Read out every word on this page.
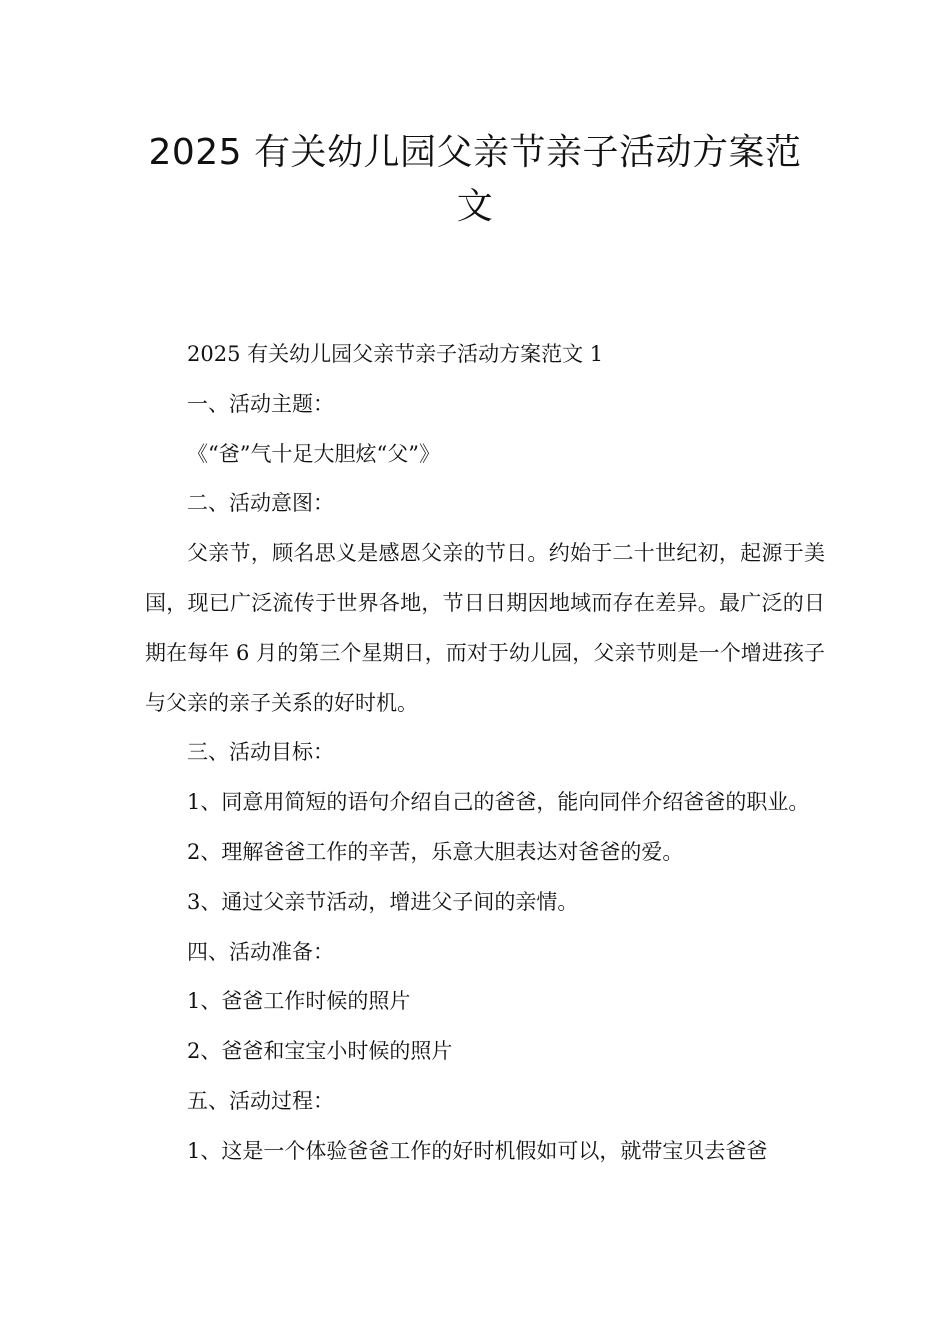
2025 有关幼儿园父亲节亲子活动方案范
文

2025 有关幼儿园父亲节亲子活动方案范文 1

一、活动主题：

《“爸”气十足大胆炫“父”》

二、活动意图：

父亲节，顾名思义是感恩父亲的节日。约始于二十世纪初，起源于美国，现已广泛流传于世界各地，节日日期因地域而存在差异。最广泛的日期在每年 6 月的第三个星期日，而对于幼儿园，父亲节则是一个增进孩子与父亲的亲子关系的好时机。

三、活动目标：

1、同意用简短的语句介绍自己的爸爸，能向同伴介绍爸爸的职业。

2、理解爸爸工作的辛苦，乐意大胆表达对爸爸的爱。

3、通过父亲节活动，增进父子间的亲情。

四、活动准备：

1、爸爸工作时候的照片

2、爸爸和宝宝小时候的照片

五、活动过程：

1、这是一个体验爸爸工作的好时机假如可以，就带宝贝去爸爸
